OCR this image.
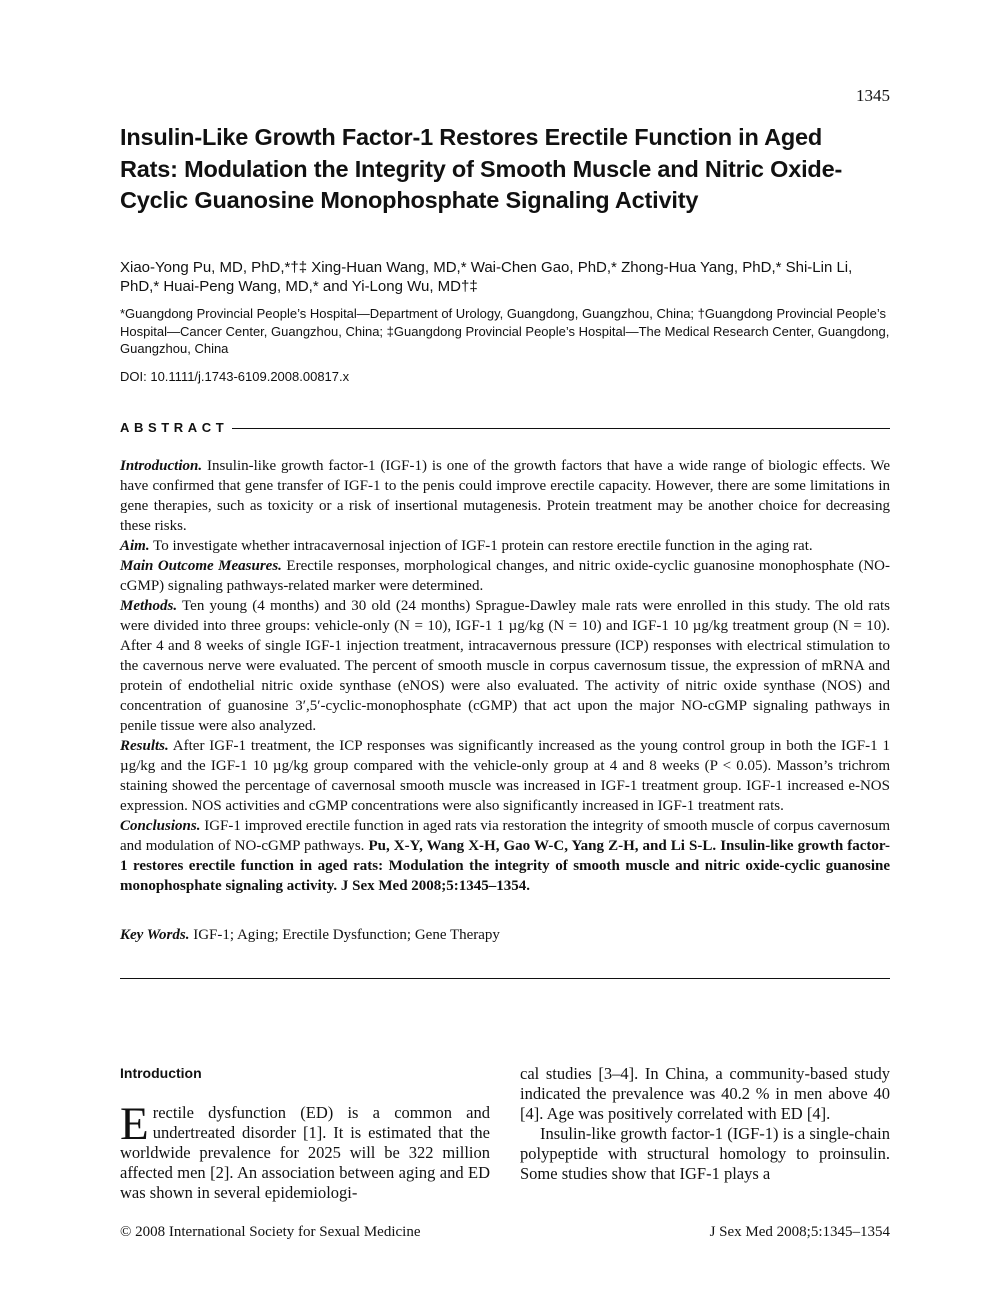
1345
Insulin-Like Growth Factor-1 Restores Erectile Function in Aged Rats: Modulation the Integrity of Smooth Muscle and Nitric Oxide-Cyclic Guanosine Monophosphate Signaling Activity
Xiao-Yong Pu, MD, PhD,*†‡ Xing-Huan Wang, MD,* Wai-Chen Gao, PhD,* Zhong-Hua Yang, PhD,* Shi-Lin Li, PhD,* Huai-Peng Wang, MD,* and Yi-Long Wu, MD†‡
*Guangdong Provincial People’s Hospital—Department of Urology, Guangdong, Guangzhou, China; †Guangdong Provincial People’s Hospital—Cancer Center, Guangzhou, China; ‡Guangdong Provincial People’s Hospital—The Medical Research Center, Guangdong, Guangzhou, China
DOI: 10.1111/j.1743-6109.2008.00817.x
ABSTRACT

Introduction. Insulin-like growth factor-1 (IGF-1) is one of the growth factors that have a wide range of biologic effects. We have confirmed that gene transfer of IGF-1 to the penis could improve erectile capacity. However, there are some limitations in gene therapies, such as toxicity or a risk of insertional mutagenesis. Protein treatment may be another choice for decreasing these risks.

Aim. To investigate whether intracavernosal injection of IGF-1 protein can restore erectile function in the aging rat.

Main Outcome Measures. Erectile responses, morphological changes, and nitric oxide-cyclic guanosine monophosphate (NO-cGMP) signaling pathways-related marker were determined.

Methods. Ten young (4 months) and 30 old (24 months) Sprague-Dawley male rats were enrolled in this study. The old rats were divided into three groups: vehicle-only (N = 10), IGF-1 1 µg/kg (N = 10) and IGF-1 10 µg/kg treatment group (N = 10). After 4 and 8 weeks of single IGF-1 injection treatment, intracavernous pressure (ICP) responses with electrical stimulation to the cavernous nerve were evaluated. The percent of smooth muscle in corpus cavernosum tissue, the expression of mRNA and protein of endothelial nitric oxide synthase (eNOS) were also evaluated. The activity of nitric oxide synthase (NOS) and concentration of guanosine 3′,5′-cyclic-monophosphate (cGMP) that act upon the major NO-cGMP signaling pathways in penile tissue were also analyzed.

Results. After IGF-1 treatment, the ICP responses was significantly increased as the young control group in both the IGF-1 1 µg/kg and the IGF-1 10 µg/kg group compared with the vehicle-only group at 4 and 8 weeks (P < 0.05). Masson’s trichrom staining showed the percentage of cavernosal smooth muscle was increased in IGF-1 treatment group. IGF-1 increased e-NOS expression. NOS activities and cGMP concentrations were also significantly increased in IGF-1 treatment rats.

Conclusions. IGF-1 improved erectile function in aged rats via restoration the integrity of smooth muscle of corpus cavernosum and modulation of NO-cGMP pathways. Pu, X-Y, Wang X-H, Gao W-C, Yang Z-H, and Li S-L. Insulin-like growth factor-1 restores erectile function in aged rats: Modulation the integrity of smooth muscle and nitric oxide-cyclic guanosine monophosphate signaling activity. J Sex Med 2008;5:1345–1354.

Key Words. IGF-1; Aging; Erectile Dysfunction; Gene Therapy
Introduction

Erectile dysfunction (ED) is a common and undertreated disorder [1]. It is estimated that the worldwide prevalence for 2025 will be 322 million affected men [2]. An association between aging and ED was shown in several epidemiologi-

cal studies [3–4]. In China, a community-based study indicated the prevalence was 40.2 % in men above 40 [4]. Age was positively correlated with ED [4].

Insulin-like growth factor-1 (IGF-1) is a single-chain polypeptide with structural homology to proinsulin. Some studies show that IGF-1 plays a

© 2008 International Society for Sexual Medicine	J Sex Med 2008;5:1345–1354
